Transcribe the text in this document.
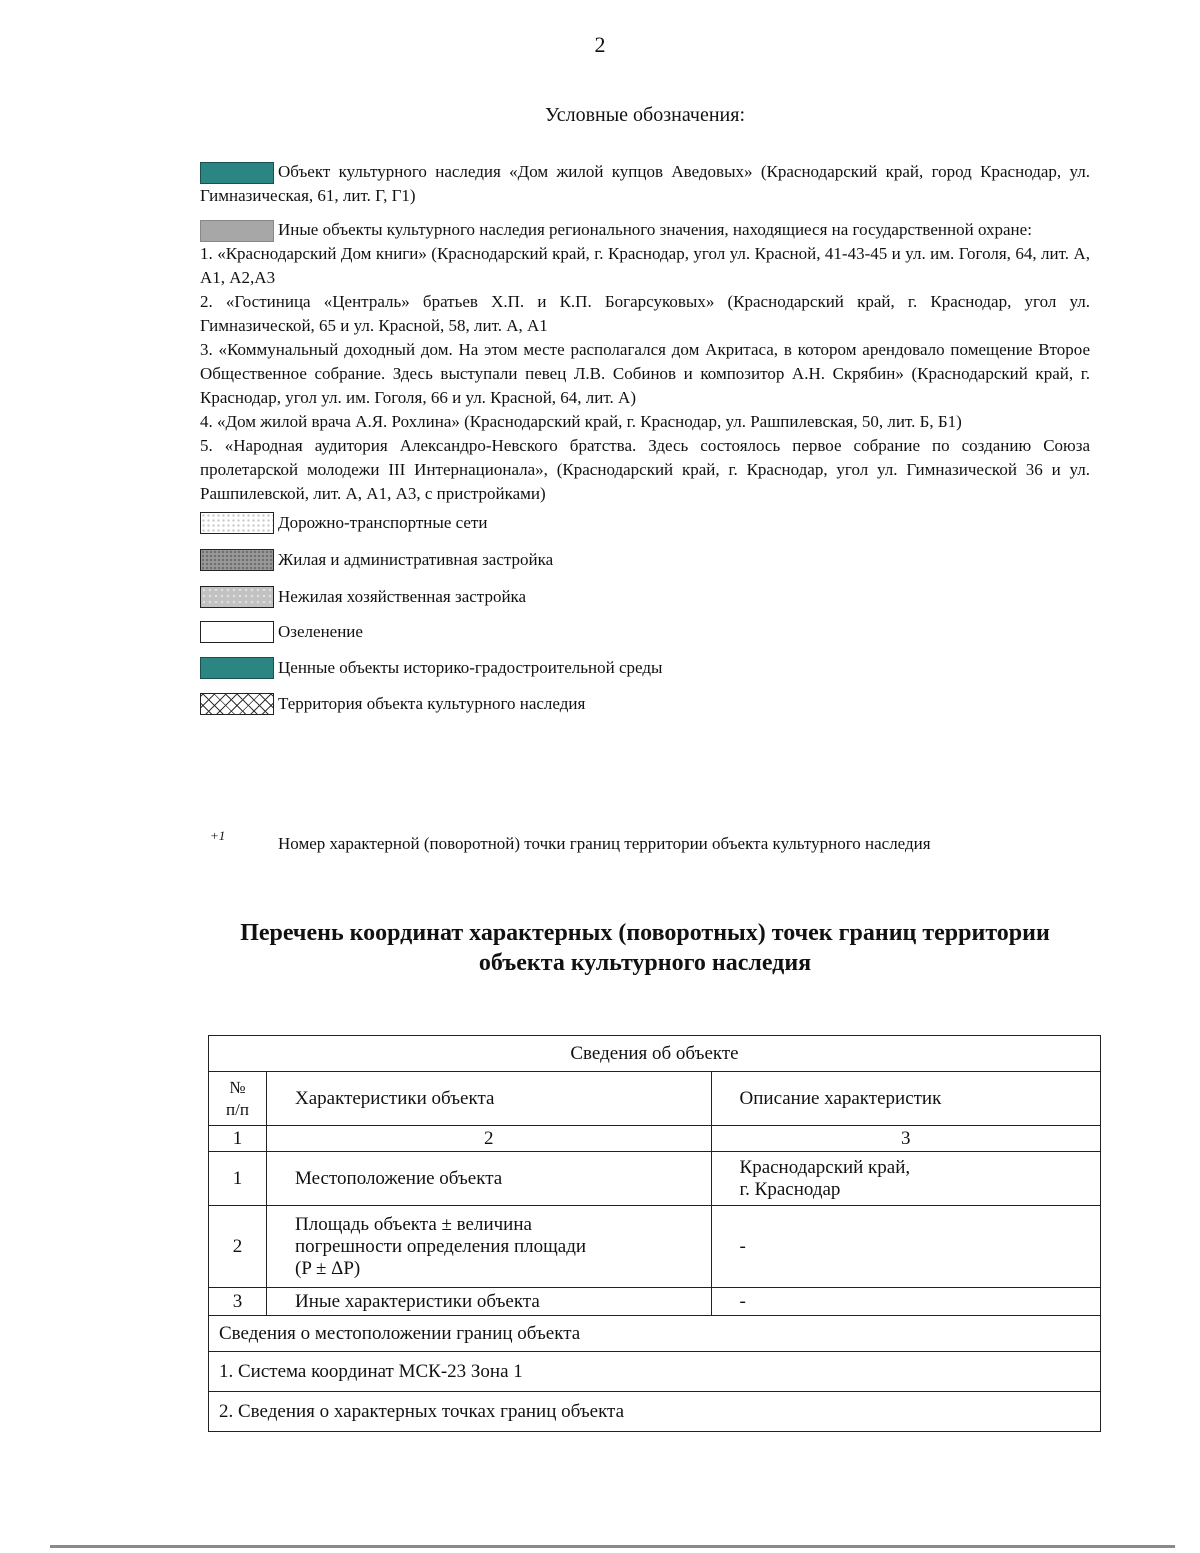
2
Условные обозначения:

Объект культурного наследия «Дом жилой купцов Аведовых» (Краснодарский край, город Краснодар, ул. Гимназическая, 61, лит. Г, Г1)

Иные объекты культурного наследия регионального значения, находящиеся на государственной охране:

1. «Краснодарский Дом книги» (Краснодарский край, г. Краснодар, угол ул. Красной, 41-43-45 и ул. им. Гоголя, 64, лит. А, А1, А2,А3

2. «Гостиница «Централь» братьев Х.П. и К.П. Богарсуковых» (Краснодарский край, г. Краснодар, угол ул. Гимназической, 65 и ул. Красной, 58, лит. А, А1

3. «Коммунальный доходный дом. На этом месте располагался дом Акритаса, в котором арендовало помещение Второе Общественное собрание. Здесь выступали певец Л.В. Собинов и композитор А.Н. Скрябин» (Краснодарский край, г. Краснодар, угол ул. им. Гоголя, 66 и ул. Красной, 64, лит. А)

4. «Дом жилой врача А.Я. Рохлина» (Краснодарский край, г. Краснодар, ул. Рашпилевская, 50, лит. Б, Б1)

5. «Народная аудитория Александро-Невского братства. Здесь состоялось первое собрание по созданию Союза пролетарской молодежи III Интернационала», (Краснодарский край, г. Краснодар, угол ул. Гимназической 36 и ул. Рашпилевской, лит. А, А1, А3, с пристройками)

Дорожно-транспортные сети
Жилая и административная застройка
Нежилая хозяйственная застройка
Озеленение
Ценные объекты историко-градостроительной среды
Территория объекта культурного наследия
+1	Номер характерной (поворотной) точки границ территории объекта культурного наследия
Перечень координат характерных (поворотных) точек границ территории
объекта культурного наследия
Сведения об объекте		

№
п/п	Характеристики объекта	Описание характеристик
1	2	3
1	Местоположение объекта	Краснодарский край,
г. Краснодар

2	Площадь объекта ± величина
погрешности определения площади
(P ± ΔP)	-
3	Иные характеристики объекта	-
Сведения о местоположении границ объекта		
1. Система координат МСК-23 Зона 1		
2. Сведения о характерных точках границ объекта		
